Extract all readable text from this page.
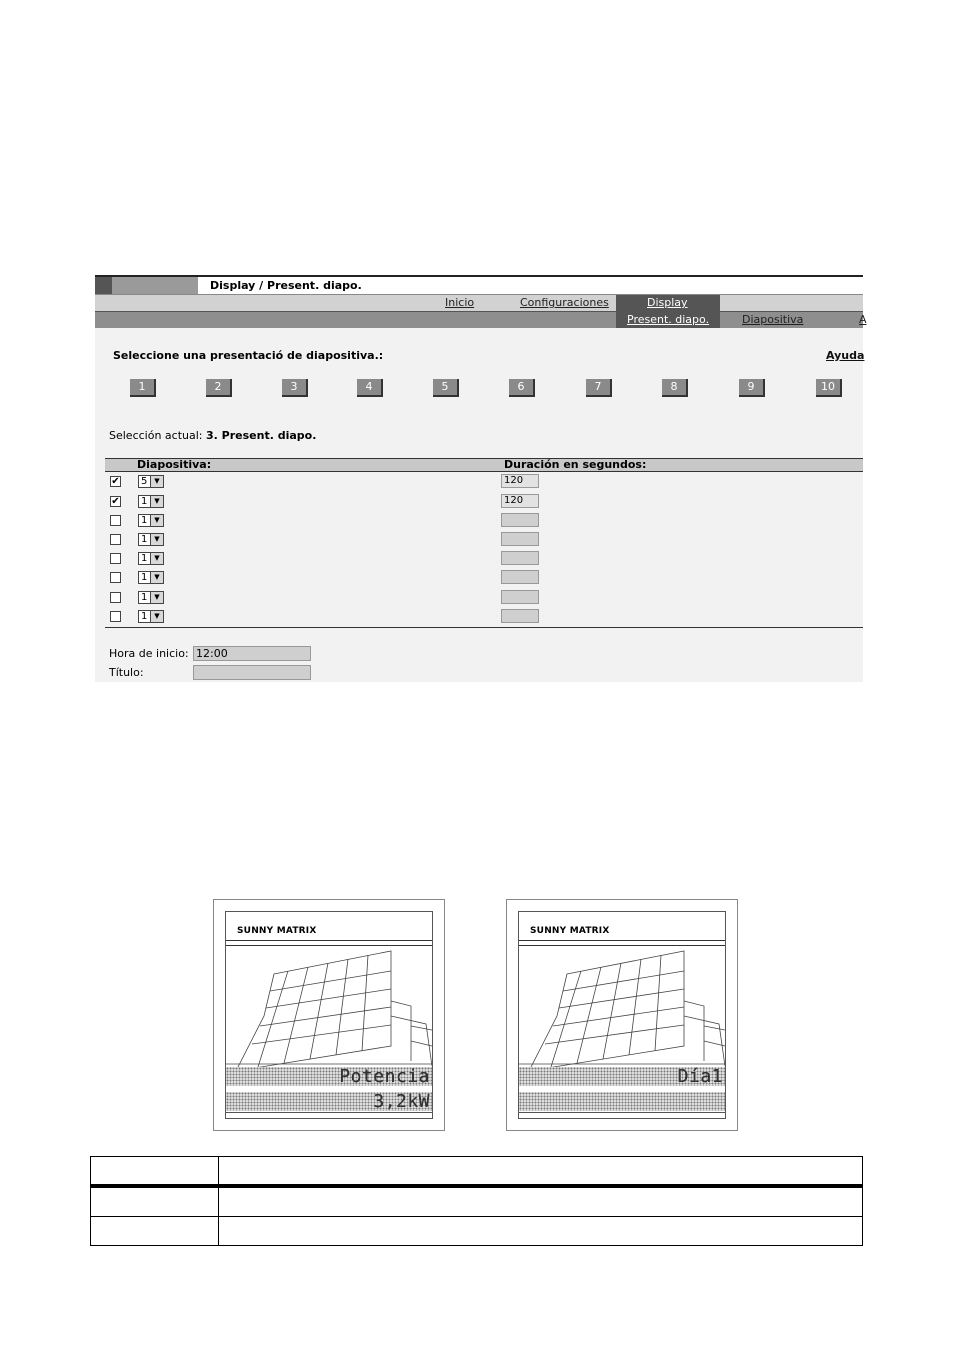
Display / Present. diapo.
Inicio	Configuraciones	Display
Present. diapo.	Diapositiva	A
Seleccione una presentació de diapositiva.:	Ayuda
1	2	3	4	5	6	7	8	9	10
Selección actual: 3. Present. diapo.
Diapositiva:	Duración en segundos:
✔ 5 ▼	120
✔ 1 ▼	120
1 ▼
1 ▼
1 ▼
1 ▼
1 ▼
1 ▼
Hora de inicio: 12:00
Título:
SUNNY MATRIX
Potencia
3,2kW
SUNNY MATRIX
Día1
